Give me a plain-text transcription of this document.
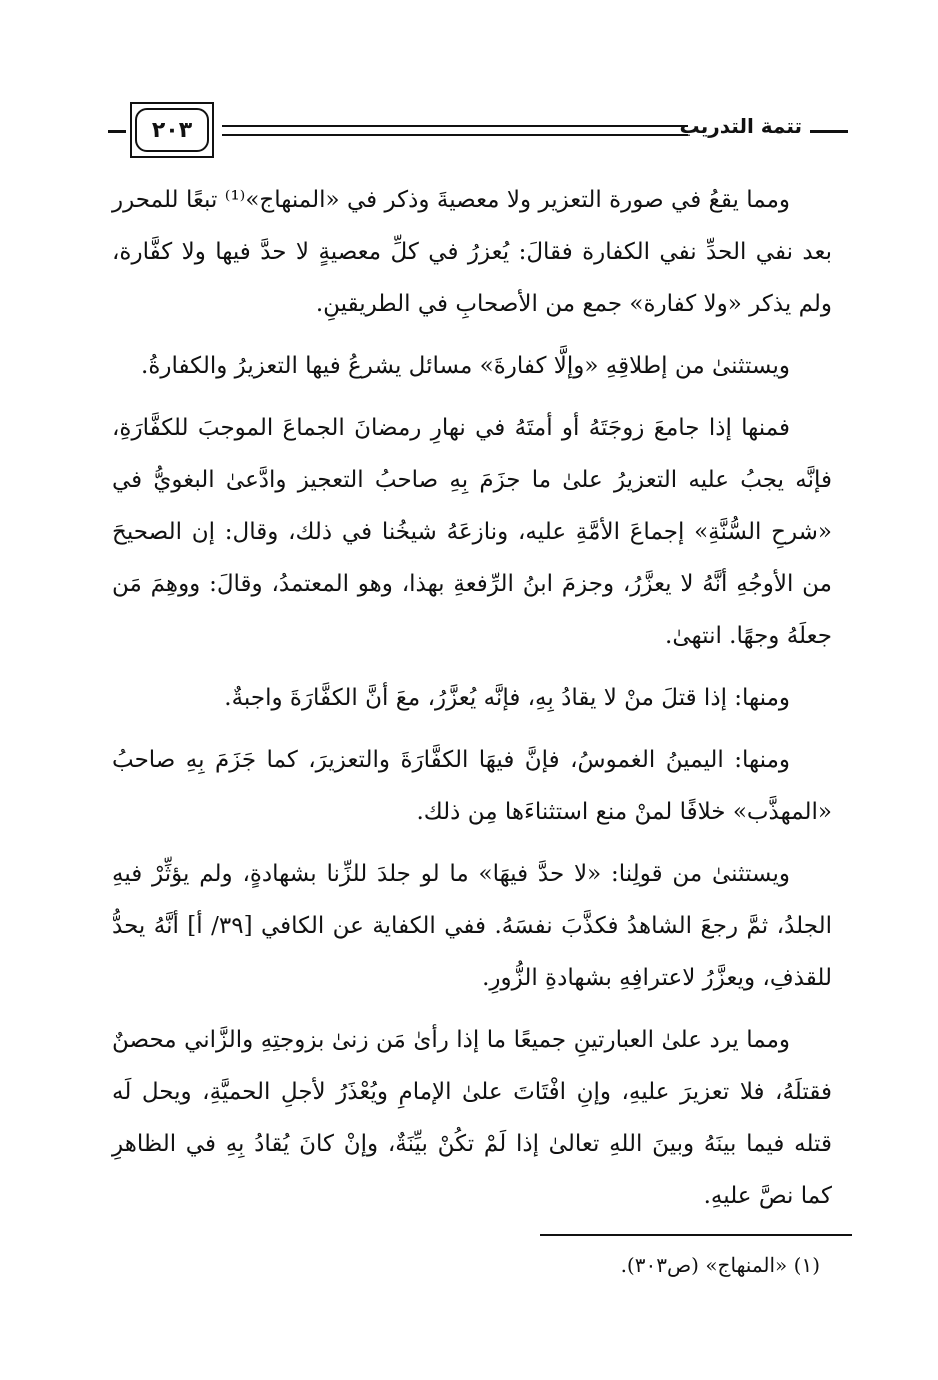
تتمة التدريب
٢٠٣

ومما يقعُ في صورة التعزير ولا معصيةَ وذكر في «المنهاج»⁽¹⁾ تبعًا للمحرر بعد نفي الحدِّ نفي الكفارة فقالَ: يُعزرُ في كلِّ معصيةٍ لا حدَّ فيها ولا كفَّارة، ولم يذكر «ولا كفارة» جمع من الأصحابِ في الطريقينِ.

ويستثنىٰ من إطلاقِهِ «وإلَّا كفارةَ» مسائل يشرعُ فيها التعزيرُ والكفارةُ.

فمنها إذا جامعَ زوجَتَهُ أو أمتَهُ في نهارِ رمضانَ الجماعَ الموجبَ للكفَّارَةِ، فإنَّه يجبُ عليه التعزيرُ علىٰ ما جزَمَ بِهِ صاحبُ التعجيز وادَّعىٰ البغويُّ في «شرحِ السُّنَّةِ» إجماعَ الأمَّةِ عليه، ونازعَهُ شيخُنا في ذلك، وقال: إن الصحيحَ من الأوجُهِ أنَّهُ لا يعزَّرُ، وجزمَ ابنُ الرِّفعةِ بهذا، وهو المعتمدُ، وقالَ: ووهِمَ مَن جعلَهُ وجهًا. انتهىٰ.

ومنها: إذا قتلَ منْ لا يقادُ بِهِ، فإنَّه يُعزَّرُ، معَ أنَّ الكفَّارَةَ واجبةٌ.

ومنها: اليمينُ الغموسُ، فإنَّ فيهَا الكفَّارَةَ والتعزيرَ، كما جَزَمَ بِهِ صاحبُ «المهذَّب» خلافًا لمنْ منع استثناءَها مِن ذلك.

ويستثنىٰ من قولِنا: «لا حدَّ فيهَا» ما لو جلدَ للزِّنا بشهادةٍ، ولم يؤثِّرْ فيهِ الجلدُ، ثمَّ رجعَ الشاهدُ فكذَّبَ نفسَهُ. ففي الكفاية عن الكافي [٣٩/ أ] أنَّهُ يحدُّ للقذفِ، ويعزَّرُ لاعترافِهِ بشهادةِ الزُّورِ.

ومما يرد علىٰ العبارتينِ جميعًا ما إذا رأىٰ مَن زنىٰ بزوجتِهِ والزَّاني محصنٌ فقتلَهُ، فلا تعزيرَ عليهِ، وإنِ افْتَاتَ علىٰ الإمامِ ويُعْذَرُ لأجلِ الحميَّةِ، ويحل لَه قتله فيما بينَهُ وبينَ اللهِ تعالىٰ إذا لَمْ تكُنْ بيِّنَةٌ، وإنْ كانَ يُقادُ بِهِ في الظاهرِ كما نصَّ عليهِ.

(١) «المنهاج» (ص٣٠٣).
